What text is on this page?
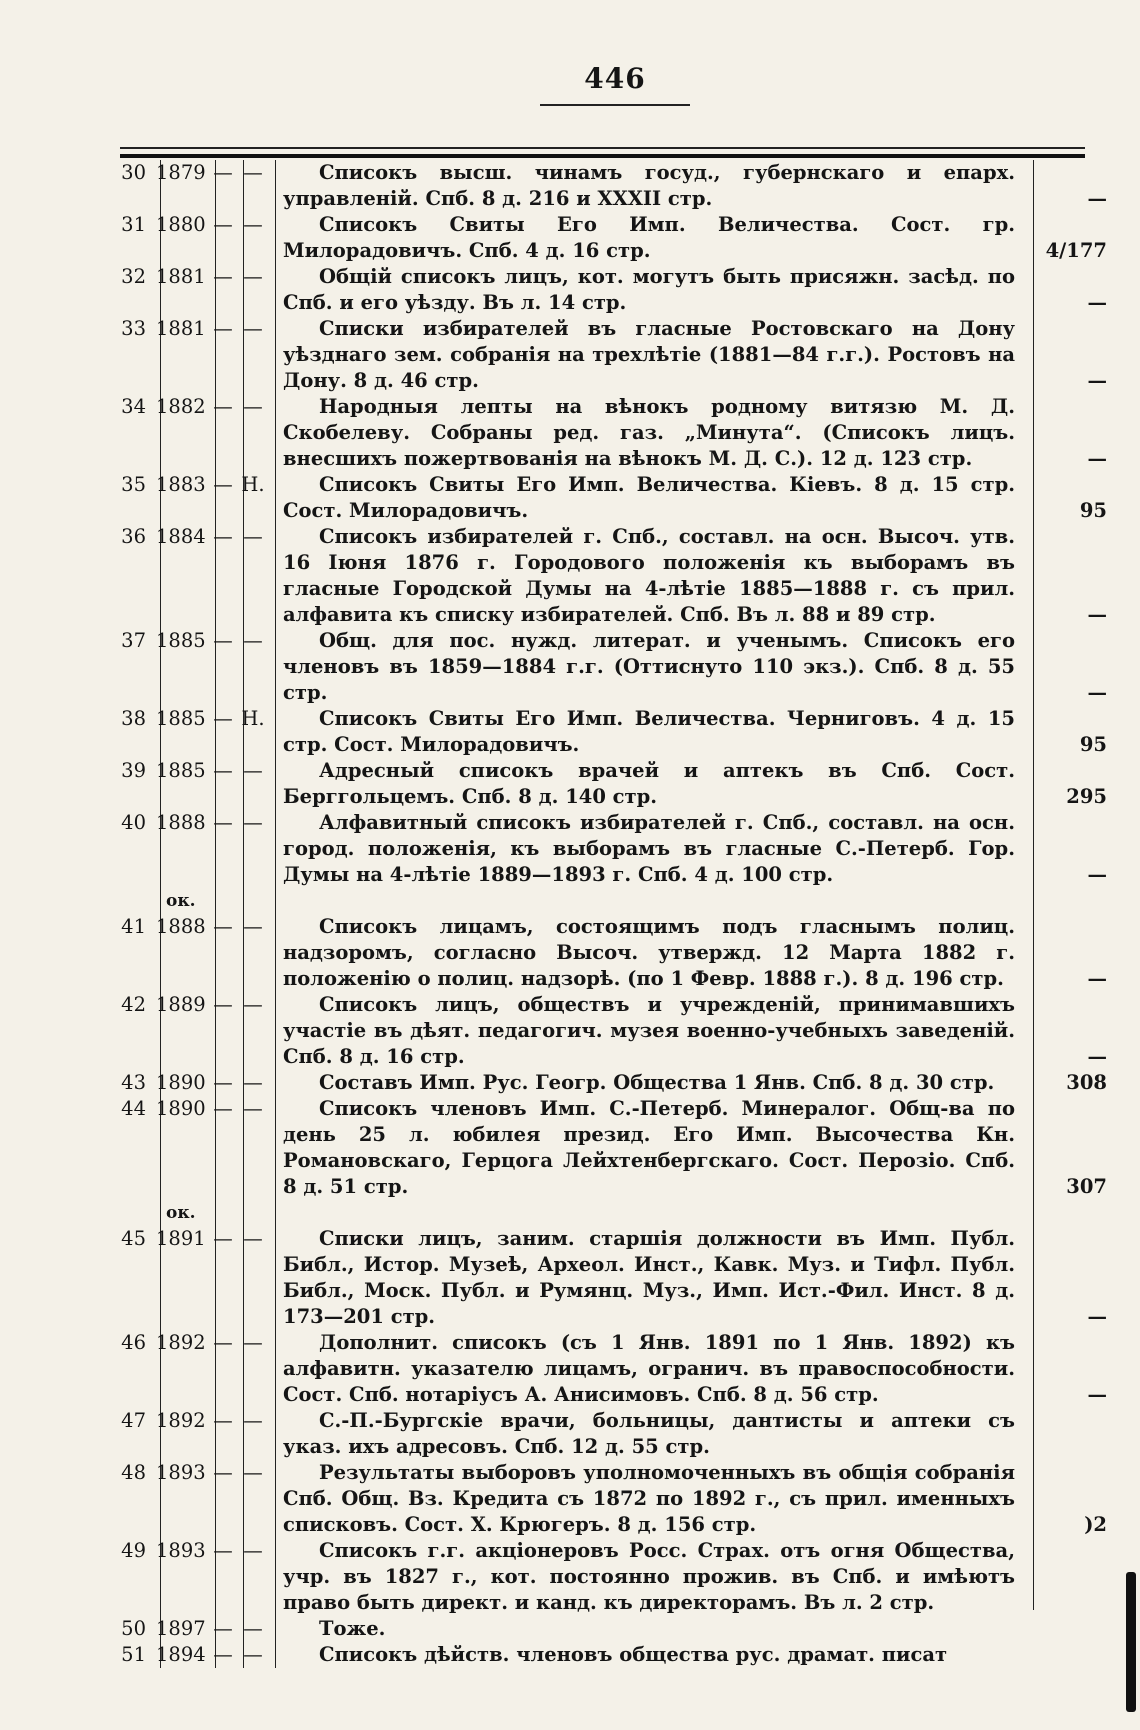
446
30 1879 — —	Списокъ высш. чинамъ госуд., губернскаго и епарх. управленій. Спб. 8 д. 216 и XXXII стр.	—
31 1880 — —	Списокъ Свиты Его Имп. Величества. Сост. гр. Милорадовичъ. Спб. 4 д. 16 стр.	4/177
32 1881 — —	Общій списокъ лицъ, кот. могутъ быть присяжн. засѣд. по Спб. и его уѣзду. Въ л. 14 стр.	—
33 1881 — —	Списки избирателей въ гласные Ростовскаго на Дону уѣзднаго зем. собранія на трехлѣтіе (1881—84 г.г.). Ростовъ на Дону. 8 д. 46 стр.	—
34 1882 — —	Народныя лепты на вѣнокъ родному витязю М. Д. Скобелеву. Собраны ред. газ. „Минута“. (Списокъ лицъ. внесшихъ пожертвованія на вѣнокъ М. Д. С.). 12 д. 123 стр.	—
35 1883 — Н.	Списокъ Свиты Его Имп. Величества. Кіевъ. 8 д. 15 стр. Сост. Милорадовичъ.	95
36 1884 — —	Списокъ избирателей г. Спб., составл. на осн. Высоч. утв. 16 Іюня 1876 г. Городового положенія къ выборамъ въ гласные Городской Думы на 4-лѣтіе 1885—1888 г. съ прил. алфавита къ списку избирателей. Спб. Въ л. 88 и 89 стр.	—
37 1885 — —	Общ. для пос. нужд. литерат. и ученымъ. Списокъ его членовъ въ 1859—1884 г.г. (Оттиснуто 110 экз.). Спб. 8 д. 55 стр.	—
38 1885 — Н.	Списокъ Свиты Его Имп. Величества. Черниговъ. 4 д. 15 стр. Сост. Милорадовичъ.	95
39 1885 — —	Адресный списокъ врачей и аптекъ въ Спб. Сост. Берггольцемъ. Спб. 8 д. 140 стр.	295
40 1888 — —	Алфавитный списокъ избирателей г. Спб., составл. на осн. город. положенія, къ выборамъ въ гласные С.-Петерб. Гор. Думы на 4-лѣтіе 1889—1893 г. Спб. 4 д. 100 стр.	—
ок.
41 1888 — —	Списокъ лицамъ, состоящимъ подъ гласнымъ полиц. надзоромъ, согласно Высоч. утвержд. 12 Марта 1882 г. положенію о полиц. надзорѣ. (по 1 Февр. 1888 г.). 8 д. 196 стр.	—
42 1889 — —	Списокъ лицъ, обществъ и учрежденій, принимавшихъ участіе въ дѣят. педагогич. музея военно-учебныхъ заведеній. Спб. 8 д. 16 стр.	—
43 1890 — —	Составъ Имп. Рус. Геогр. Общества 1 Янв. Спб. 8 д. 30 стр.	308
44 1890 — —	Списокъ членовъ Имп. С.-Петерб. Минералог. Общ-ва по день 25 л. юбилея презид. Его Имп. Высочества Кн. Романовскаго, Герцога Лейхтенбергскаго. Сост. Перозіо. Спб. 8 д. 51 стр.	307
ок.
45 1891 — —	Списки лицъ, заним. старшія должности въ Имп. Публ. Библ., Истор. Музеѣ, Археол. Инст., Кавк. Муз. и Тифл. Публ. Библ., Моск. Публ. и Румянц. Муз., Имп. Ист.-Фил. Инст. 8 д. 173—201 стр.	—
46 1892 — —	Дополнит. списокъ (съ 1 Янв. 1891 по 1 Янв. 1892) къ алфавитн. указателю лицамъ, огранич. въ правоспособности. Сост. Спб. нотаріусъ А. Анисимовъ. Спб. 8 д. 56 стр.	—
47 1892 — —	С.-П.-Бургскіе врачи, больницы, дантисты и аптеки съ указ. ихъ адресовъ. Спб. 12 д. 55 стр.
48 1893 — —	Результаты выборовъ уполномоченныхъ въ общія собранія Спб. Общ. Вз. Кредита съ 1872 по 1892 г., съ прил. именныхъ списковъ. Сост. Х. Крюгеръ. 8 д. 156 стр.	)2
49 1893 — —	Списокъ г.г. акціонеровъ Росс. Страх. отъ огня Общества, учр. въ 1827 г., кот. постоянно прожив. въ Спб. и имѣютъ право быть директ. и канд. къ директорамъ. Въ л. 2 стр.
50 1897 — —	Тоже.
51 1894 — —	Списокъ дѣйств. членовъ общества рус. драмат. писат
